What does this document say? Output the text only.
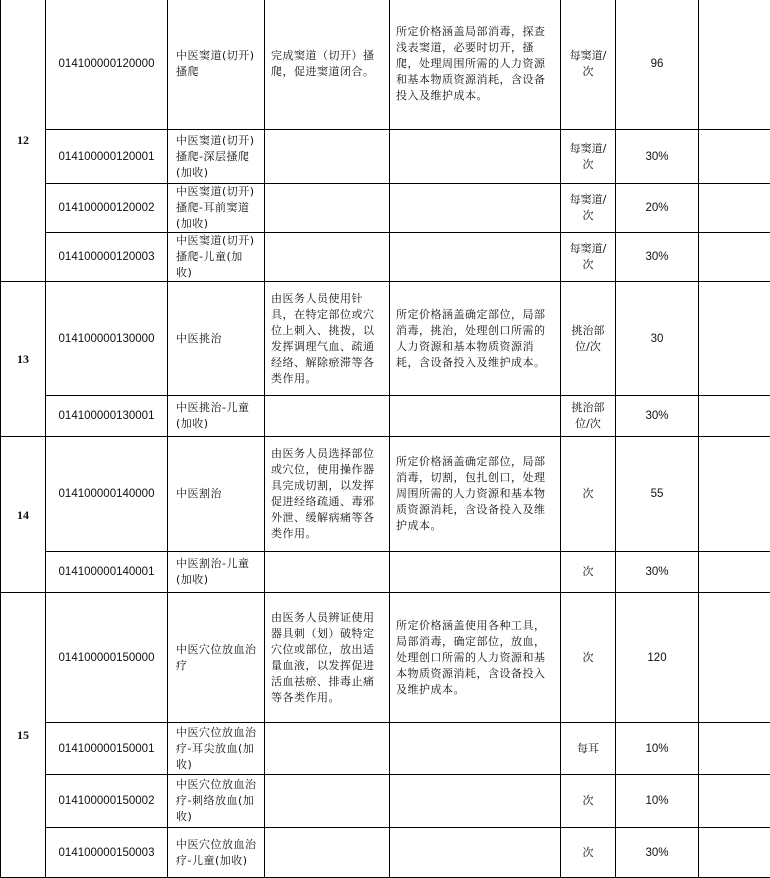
12	014100000120000	中医窦道(切开)搔爬	完成窦道（切开）搔爬，促进窦道闭合。	所定价格涵盖局部消毒，探查浅表窦道，必要时切开，搔爬，处理周围所需的人力资源和基本物质资源消耗，含设备投入及维护成本。	每窦道/次	96	
	014100000120001	中医窦道(切开)搔爬-深层搔爬(加收)			每窦道/次	30%	
	014100000120002	中医窦道(切开)搔爬-耳前窦道(加收)			每窦道/次	20%	
	014100000120003	中医窦道(切开)搔爬-儿童(加收)			每窦道/次	30%	
13	014100000130000	中医挑治	由医务人员使用针具，在特定部位或穴位上刺入、挑拨，以发挥调理气血、疏通经络、解除瘀滞等各类作用。	所定价格涵盖确定部位，局部消毒，挑治，处理创口所需的人力资源和基本物质资源消耗，含设备投入及维护成本。	挑治部位/次	30	
	014100000130001	中医挑治-儿童(加收)			挑治部位/次	30%	
14	014100000140000	中医割治	由医务人员选择部位或穴位，使用操作器具完成切割，以发挥促进经络疏通、毒邪外泄、缓解病痛等各类作用。	所定价格涵盖确定部位，局部消毒，切割，包扎创口，处理周围所需的人力资源和基本物质资源消耗，含设备投入及维护成本。	次	55	
	014100000140001	中医割治-儿童(加收)			次	30%	
15	014100000150000	中医穴位放血治疗	由医务人员辨证使用器具刺（划）破特定穴位或部位，放出适量血液，以发挥促进活血祛瘀、排毒止痛等各类作用。	所定价格涵盖使用各种工具，局部消毒，确定部位，放血，处理创口所需的人力资源和基本物质资源消耗，含设备投入及维护成本。	次	120	
	014100000150001	中医穴位放血治疗-耳尖放血(加收)			每耳	10%	
	014100000150002	中医穴位放血治疗-刺络放血(加收)			次	10%	
	014100000150003	中医穴位放血治疗-儿童(加收)			次	30%	
